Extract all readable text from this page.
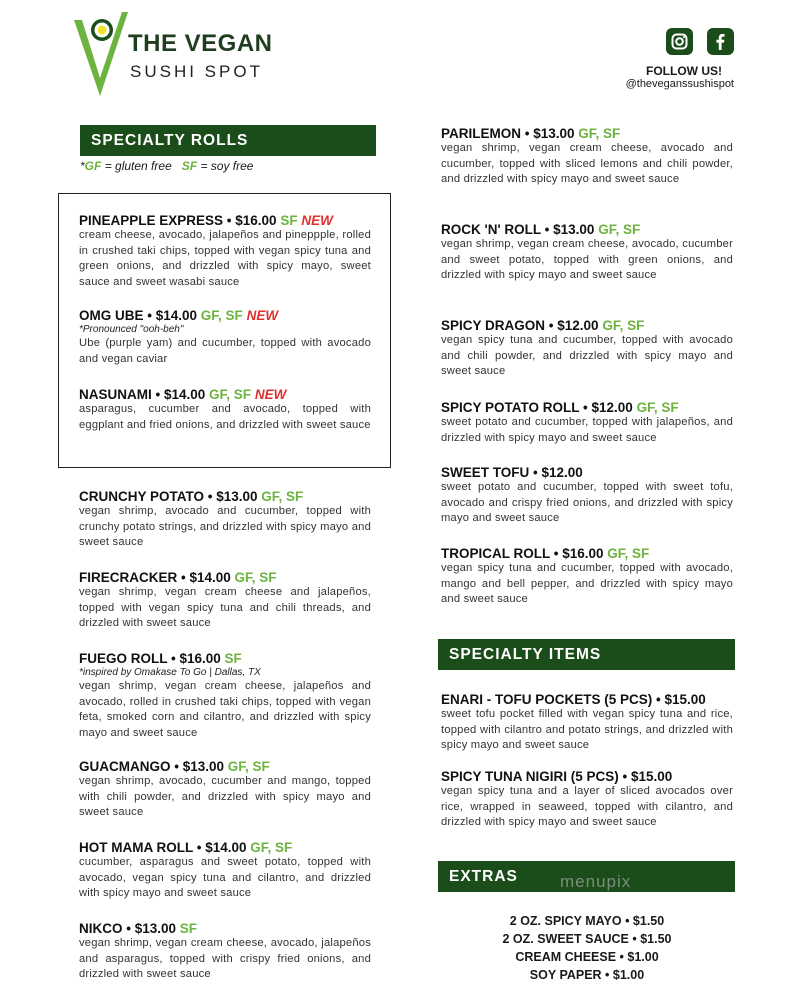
THE VEGAN
SUSHI SPOT	FOLLOW US!
@theveganssushispot
SPECIALTY ROLLS
SPECIALTY ITEMS
EXTRAS
*GF = gluten free SF = soy free
PINEAPPLE EXPRESS • $16.00 SF NEW
cream cheese, avocado, jalapeños and pineppple, rolled in crushed taki chips, topped with vegan spicy tuna and green onions, and drizzled with spicy mayo, sweet sauce and sweet wasabi sauce
OMG UBE • $14.00 GF, SF NEW
*Pronounced "ooh-beh"
Ube (purple yam) and cucumber, topped with avocado and vegan caviar
NASUNAMI • $14.00 GF, SF NEW
asparagus, cucumber and avocado, topped with eggplant and fried onions, and drizzled with sweet sauce
CRUNCHY POTATO • $13.00 GF, SF
vegan shrimp, avocado and cucumber, topped with crunchy potato strings, and drizzled with spicy mayo and sweet sauce
FIRECRACKER • $14.00 GF, SF
vegan shrimp, vegan cream cheese and jalapeños, topped with vegan spicy tuna and chili threads, and drizzled with sweet sauce
FUEGO ROLL • $16.00 SF
*inspired by Omakase To Go | Dallas, TX
vegan shrimp, vegan cream cheese, jalapeños and avocado, rolled in crushed taki chips, topped with vegan feta, smoked corn and cilantro, and drizzled with spicy mayo and sweet sauce
GUACMANGO • $13.00 GF, SF
vegan shrimp, avocado, cucumber and mango, topped with chili powder, and drizzled with spicy mayo and sweet sauce
HOT MAMA ROLL • $14.00 GF, SF
cucumber, asparagus and sweet potato, topped with avocado, vegan spicy tuna and cilantro, and drizzled with spicy mayo and sweet sauce
NIKCO • $13.00 SF
vegan shrimp, vegan cream cheese, avocado, jalapeños and asparagus, topped with crispy fried onions, and drizzled with sweet sauce
PARILEMON • $13.00 GF, SF
vegan shrimp, vegan cream cheese, avocado and cucumber, topped with sliced lemons and chili powder, and drizzled with spicy mayo and sweet sauce
ROCK 'N' ROLL • $13.00 GF, SF
vegan shrimp, vegan cream cheese, avocado, cucumber and sweet potato, topped with green onions, and drizzled with spicy mayo and sweet sauce
SPICY DRAGON • $12.00 GF, SF
vegan spicy tuna and cucumber, topped with avocado and chili powder, and drizzled with spicy mayo and sweet sauce
SPICY POTATO ROLL • $12.00 GF, SF
sweet potato and cucumber, topped with jalapeños, and drizzled with spicy mayo and sweet sauce
SWEET TOFU • $12.00
sweet potato and cucumber, topped with sweet tofu, avocado and crispy fried onions, and drizzled with spicy mayo and sweet sauce
TROPICAL ROLL • $16.00 GF, SF
vegan spicy tuna and cucumber, topped with avocado, mango and bell pepper, and drizzled with spicy mayo and sweet sauce
ENARI - TOFU POCKETS (5 PCS) • $15.00
sweet tofu pocket filled with vegan spicy tuna and rice, topped with cilantro and potato strings, and drizzled with spicy mayo and sweet sauce
SPICY TUNA NIGIRI (5 PCS) • $15.00
vegan spicy tuna and a layer of sliced avocados over rice, wrapped in seaweed, topped with cilantro, and drizzled with spicy mayo and sweet sauce
2 OZ. SPICY MAYO • $1.50
2 OZ. SWEET SAUCE • $1.50
CREAM CHEESE • $1.00
SOY PAPER • $1.00
menupix
